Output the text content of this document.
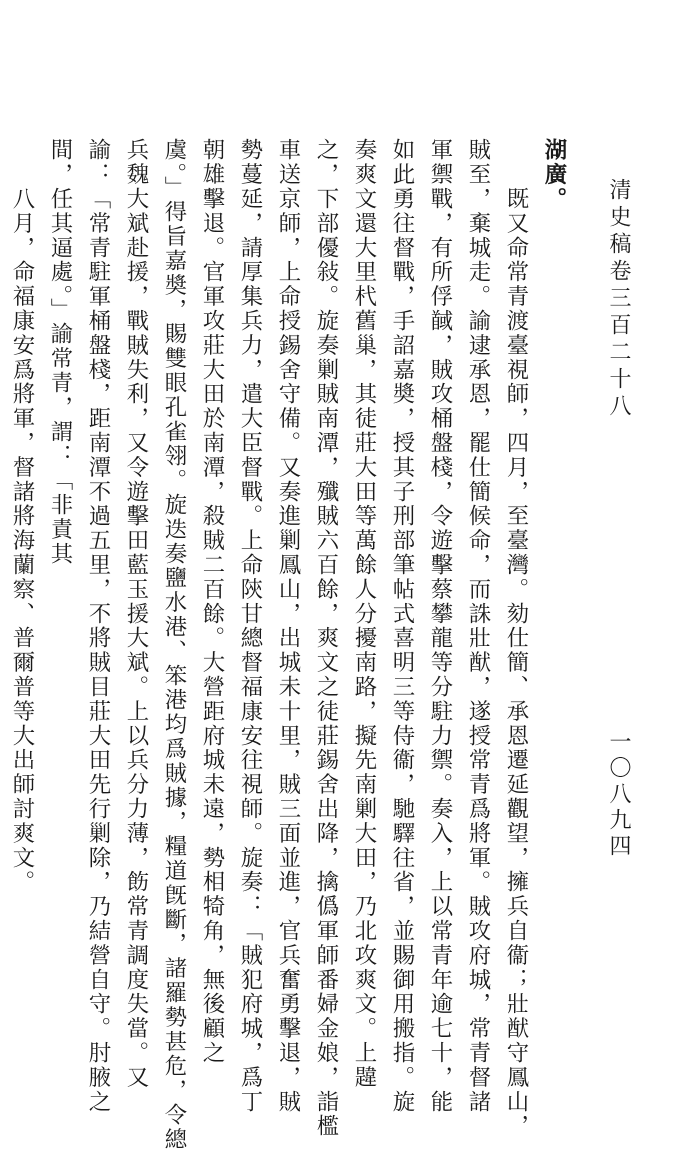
清史稿卷三百二十八
一〇八九四
湖廣。
　　既又命常青渡臺視師，四月，至臺灣。劾仕簡、承恩遷延觀望，擁兵自衞；壯猷守鳳山，
賊至，棄城走。諭逮承恩，罷仕簡候命，而誅壯猷，遂授常青爲將軍。賊攻府城，常青督諸
軍禦戰，有所俘馘，賊攻桶盤棧，令遊擊蔡攀龍等分駐力禦。奏入，上以常青年逾七十，能
如此勇往督戰，手詔嘉奬，授其子刑部筆帖式喜明三等侍衞，馳驛往省，並賜御用搬指。旋
奏爽文還大里杙舊巢，其徒莊大田等萬餘人分擾南路，擬先南剿大田，乃北攻爽文。上韙
之，下部優敍。旋奏剿賊南潭，殲賊六百餘，爽文之徒莊錫舍出降，擒僞軍師番婦金娘，詣檻
車送京師，上命授錫舍守備。又奏進剿鳳山，出城未十里，賊三面並進，官兵奮勇擊退，賊
勢蔓延，請厚集兵力，遣大臣督戰。上命陝甘總督福康安往視師。旋奏：「賊犯府城，爲丁
朝雄擊退。官軍攻莊大田於南潭，殺賊二百餘。大營距府城未遠，勢相犄角，無後顧之
虞。」得旨嘉奬，賜雙眼孔雀翎。旋迭奏鹽水港、笨港均爲賊據，糧道旣斷，諸羅勢甚危，令總
兵魏大斌赴援，戰賊失利，又令遊擊田藍玉援大斌。上以兵分力薄，飭常青調度失當。又
諭：「常青駐軍桶盤棧，距南潭不過五里，不將賊目莊大田先行剿除，乃結營自守。肘腋之
間，任其逼處。」諭常青，謂：「非責其
　　八月，命福康安爲將軍，督諸將海蘭察、普爾普等大出師討爽文。
